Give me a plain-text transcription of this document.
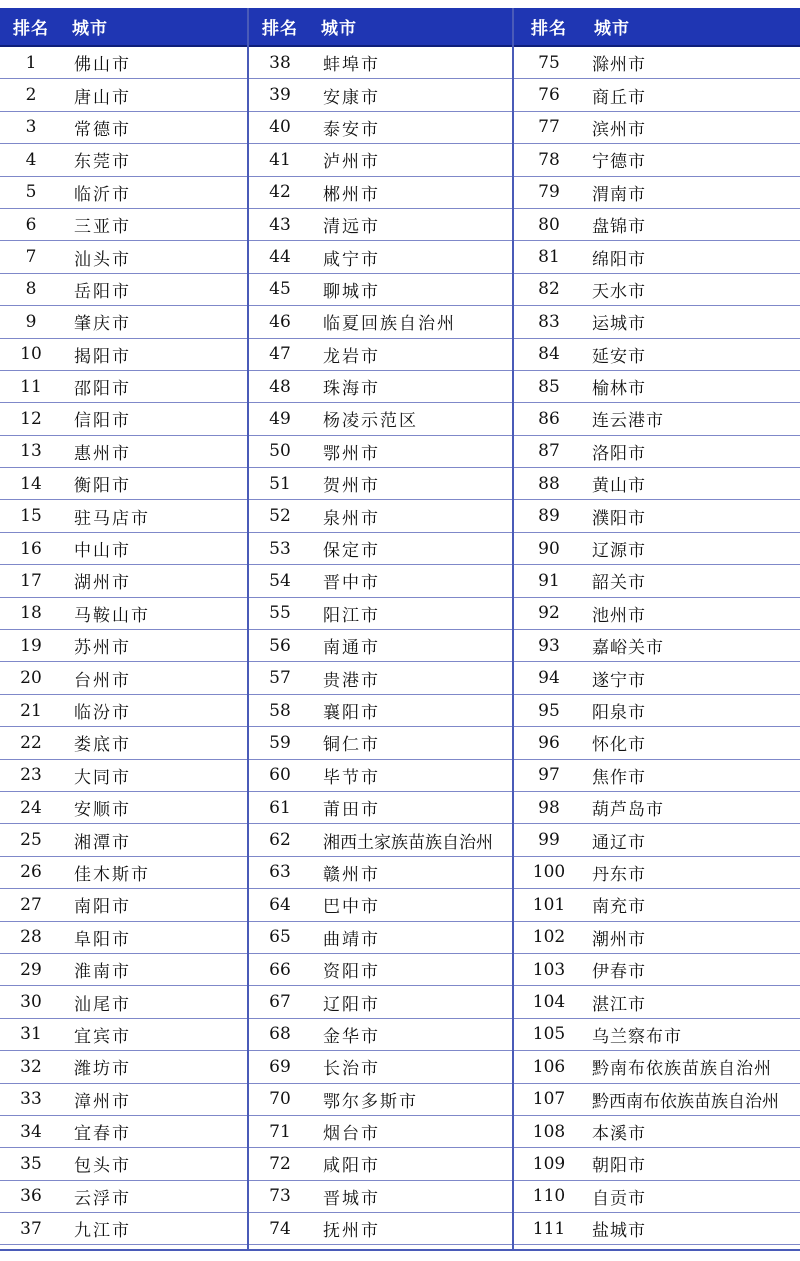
排名	城市
1	佛山市
2	唐山市
3	常德市
4	东莞市
5	临沂市
6	三亚市
7	汕头市
8	岳阳市
9	肇庆市
10	揭阳市
11	邵阳市
12	信阳市
13	惠州市
14	衡阳市
15	驻马店市
16	中山市
17	湖州市
18	马鞍山市
19	苏州市
20	台州市
21	临汾市
22	娄底市
23	大同市
24	安顺市
25	湘潭市
26	佳木斯市
27	南阳市
28	阜阳市
29	淮南市
30	汕尾市
31	宜宾市
32	潍坊市
33	漳州市
34	宜春市
35	包头市
36	云浮市
37	九江市
排名	城市
38	蚌埠市
39	安康市
40	泰安市
41	泸州市
42	郴州市
43	清远市
44	咸宁市
45	聊城市
46	临夏回族自治州
47	龙岩市
48	珠海市
49	杨凌示范区
50	鄂州市
51	贺州市
52	泉州市
53	保定市
54	晋中市
55	阳江市
56	南通市
57	贵港市
58	襄阳市
59	铜仁市
60	毕节市
61	莆田市
62	湘西土家族苗族自治州
63	赣州市
64	巴中市
65	曲靖市
66	资阳市
67	辽阳市
68	金华市
69	长治市
70	鄂尔多斯市
71	烟台市
72	咸阳市
73	晋城市
74	抚州市
排名	城市
75	滁州市
76	商丘市
77	滨州市
78	宁德市
79	渭南市
80	盘锦市
81	绵阳市
82	天水市
83	运城市
84	延安市
85	榆林市
86	连云港市
87	洛阳市
88	黄山市
89	濮阳市
90	辽源市
91	韶关市
92	池州市
93	嘉峪关市
94	遂宁市
95	阳泉市
96	怀化市
97	焦作市
98	葫芦岛市
99	通辽市
100	丹东市
101	南充市
102	潮州市
103	伊春市
104	湛江市
105	乌兰察布市
106	黔南布依族苗族自治州
107	黔西南布依族苗族自治州
108	本溪市
109	朝阳市
110	自贡市
111	盐城市
